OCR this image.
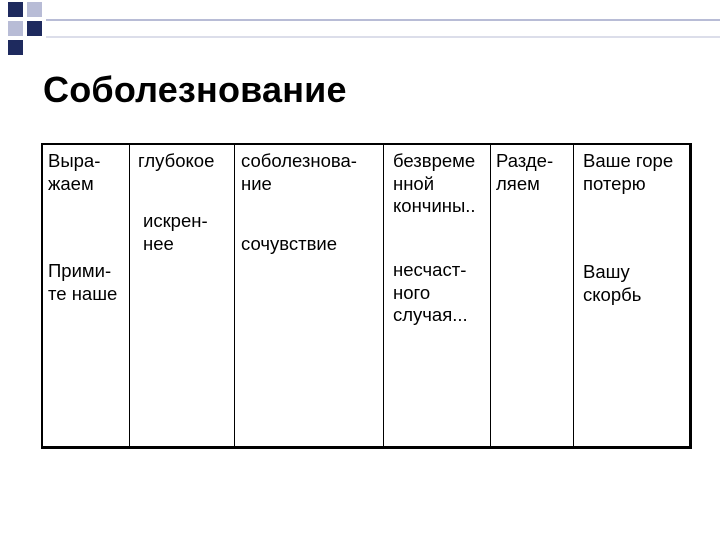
Соболезнование
Выра-
жаем
Прими-
те наше
глубокое
искрен-
нее
соболезнова-
ние
сочувствие
безвреме
нной
кончины..
несчаст-
ного
случая...
Разде-
ляем
Ваше горе
потерю
Вашу
скорбь
